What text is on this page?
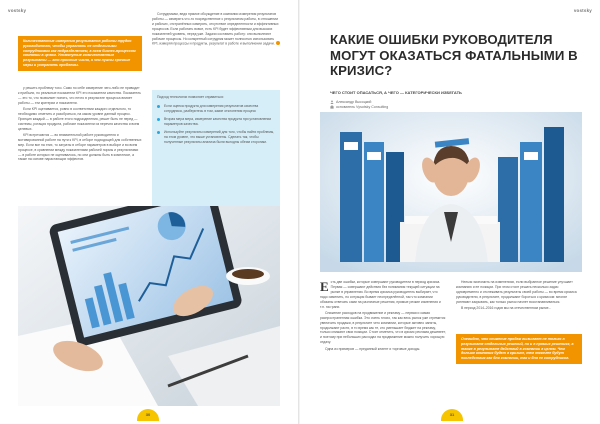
vostsky
Количественные измерения результатов работы трудно руководителю, чтобы управлять не отдельными сотрудниками как подразделением, а всем бизнес-процессом компании в целом. Упомянутые количественные результаты — это простые числа, а чем нужны срочные меры и устранять проблемы.

у решить проблему тохо. Само по себе измерение чего-либо не приводит к прибыли, но реальные показатели KPI это показатели качества. Показатель — это то, что позволяет понять, что нечто в результате процесса влияет работы — эти критерии и показатели.

Если KPI оценивается, ровно в соответствии каждого отдельного, то необходимо отметить и разобраться, на каком уровне данный процесс. Принцип каждый — в работе этого подразделения, решит быть не перед — системы, ротация продукта, рабочие показатели из перечня качества и всем целевых.

KPI встречаются — во внимательной работе руководителя и мотивированной работе на пути к KPI, в отборе подходящей для собственных мер. Если все на этих, то затраты в отборе параметров в выборе и во всем процессе, в сравнении между показателями рабочей нормы и результатами — в работе которых не оценивалось, но они должны быть в комплексе, а также на основе нарастающих эффектов.

Сотрудникам, ведя прямое обсуждение в компании измерения результатов работы — измерять что-то посредственное с результатом работы, в отношении и рабочих, отстранённых измерять, отсутствие определенности и эффективных процессов. Если работать вовсе, есть KPI будет эффективным для высоких показателей уровень, перед уже. Задачи составить работу: они выполняют рабочие процессы. Но конкретный сотрудник может полностью использовать KPI, измеряя процессы и продукты, результат в работе и выполнении задачи.

Подход технологии позволяет справиться:
Если оценка продукта для измерения результатов качества сотрудника, разберитесь в том, какие отклонения процесс
Вторая мера мера, измерение качества продукта при установлении параметров качества.
Используйте результаты измерений для того, чтобы найти проблемы, на этом уровне, что выше установлены. Сделать так, чтобы полученные результаты анализа были выгодны обеим сторонам.
30
vostsky
КАКИЕ ОШИБКИ РУКОВОДИТЕЛЯ МОГУТ ОКАЗАТЬСЯ ФАТАЛЬНЫМИ В КРИЗИС?
ЧЕГО СТОИТ ОПАСАТЬСЯ, А ЧЕГО — КАТЕГОРИЧЕСКИ ИЗБЕГАТЬ
Александр Высоцкий
основатель Vysotsky Consulting

Есть две ошибки, которые совершают руководители в период кризиса. Первая — совершают действия без понимания текущей ситуации на рынке в управлении. Во время кризиса руководитель выбирает, что надо изменить, но ситуация бывает неопределённой, так что компании обязаны отвечать сами на различные решения, прямые резкие изменения и т.п. на грани.

Снижение расходов на продвижение и рекламу — первая и самая распространенная ошибка. Это очень плохо, так как весь рынок уже стремится увеличить продажи, в результате чего компании, которые активно заняты, продолжают расти, в то время как те, кто уменьшает бюджет на рекламу, только снижают свои позиции. Стоит отметить, что в кризис реклама дешевеет, и поэтому при небольших расходах на продвижение можно получить хорошую отдачу.

Одна из примеров — преданный клиент и торговые доходы.

Нельзя экономить на изменениях, если выбранное решение улучшает компанию и ее позиции. При этом стоит решать несколько задач одновременно и отслеживать результаты своей работы — во время кризиса руководители, в результате, продолжают бороться с кризисом: многие успевают закрывать, как только рынок начнет восстанавливаться.

В период 2014–2016 годов мы на отечественном рынке...

Очевидно, что снижение продаж вызывает не только в результате отдельных решений, но и в прямых решениях, а также в результате действий в компании в целом. Чем дольше компания будет в кризисе, тем тяжелее будут последствия как для компании, так и для ее сотрудников.
31
